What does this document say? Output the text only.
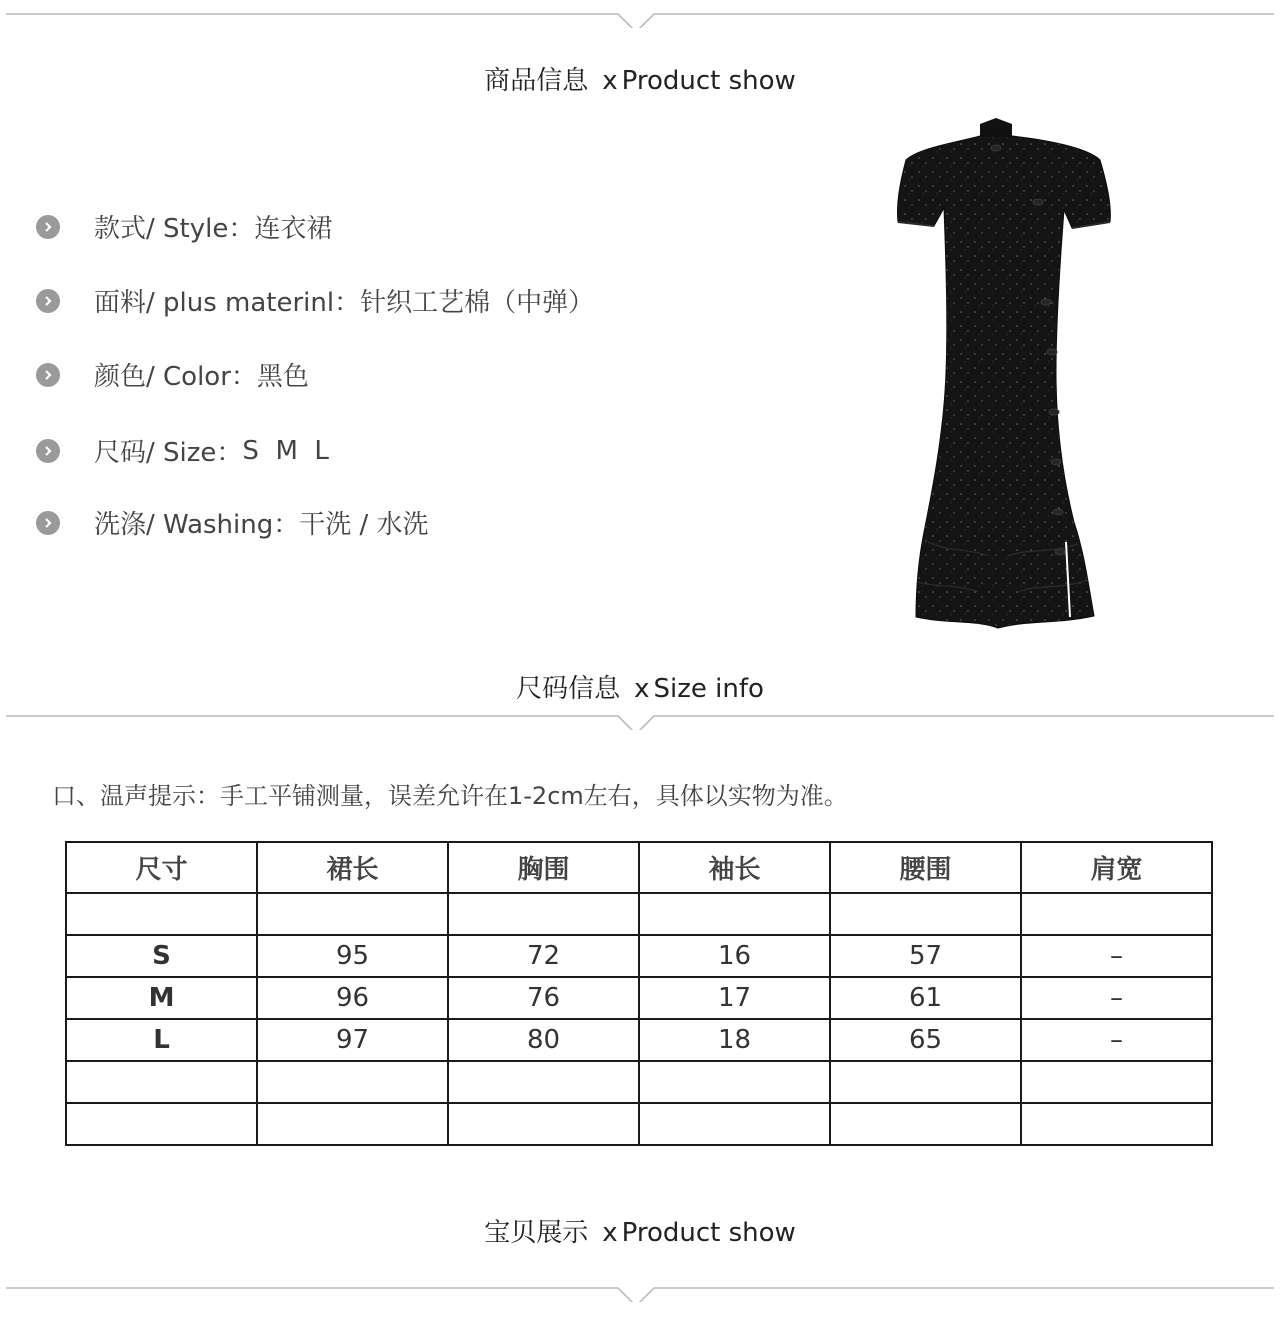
商品信息 x Product show
款式/ Style： 连衣裙
面料/ plus materinl： 针织工艺棉（中弹）
颜色/ Color： 黑色
尺码/ Size： S  M  L
洗涤/ Washing： 干洗 / 水洗
尺码信息 x Size info
口、温声提示：手工平铺测量，误差允许在1-2cm左右，具体以实物为准。
尺寸	裙长	胸围	袖长	腰围	肩宽

S	95	72	16	57	–
M	96	76	17	61	–
L	97	80	18	65	–

宝贝展示 x Product show
